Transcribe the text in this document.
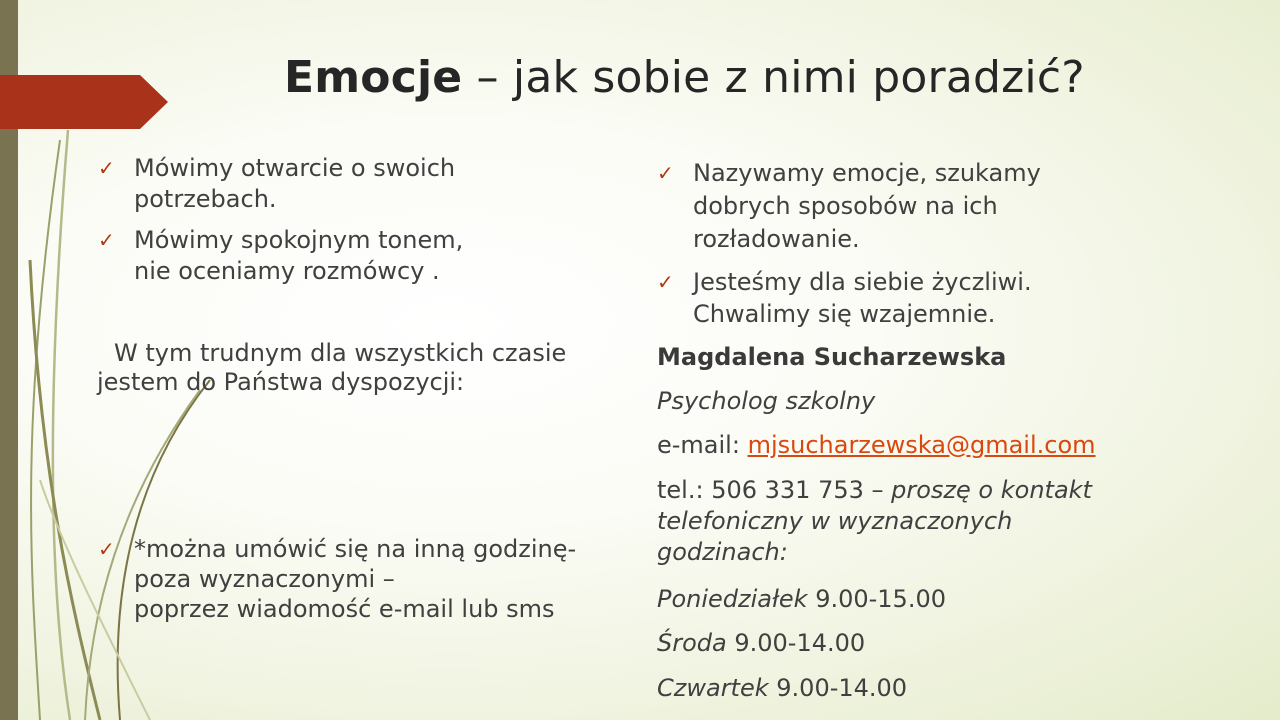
Emocje – jak sobie z nimi poradzić?
✓ Mówimy otwarcie o swoich
potrzebach.
✓ Mówimy spokojnym tonem,
nie oceniamy rozmówcy .
W tym trudnym dla wszystkich czasie
jestem do Państwa dyspozycji:
✓ *można umówić się na inną godzinę-
poza wyznaczonymi –
poprzez wiadomość e-mail lub sms
✓ Nazywamy emocje, szukamy
dobrych sposobów na ich
rozładowanie.
✓ Jesteśmy dla siebie życzliwi.
Chwalimy się wzajemnie.
Magdalena Sucharzewska
Psycholog szkolny
e-mail: mjsucharzewska@gmail.com
tel.: 506 331 753 – proszę o kontakt
telefoniczny w wyznaczonych
godzinach:
Poniedziałek 9.00-15.00
Środa 9.00-14.00
Czwartek 9.00-14.00
